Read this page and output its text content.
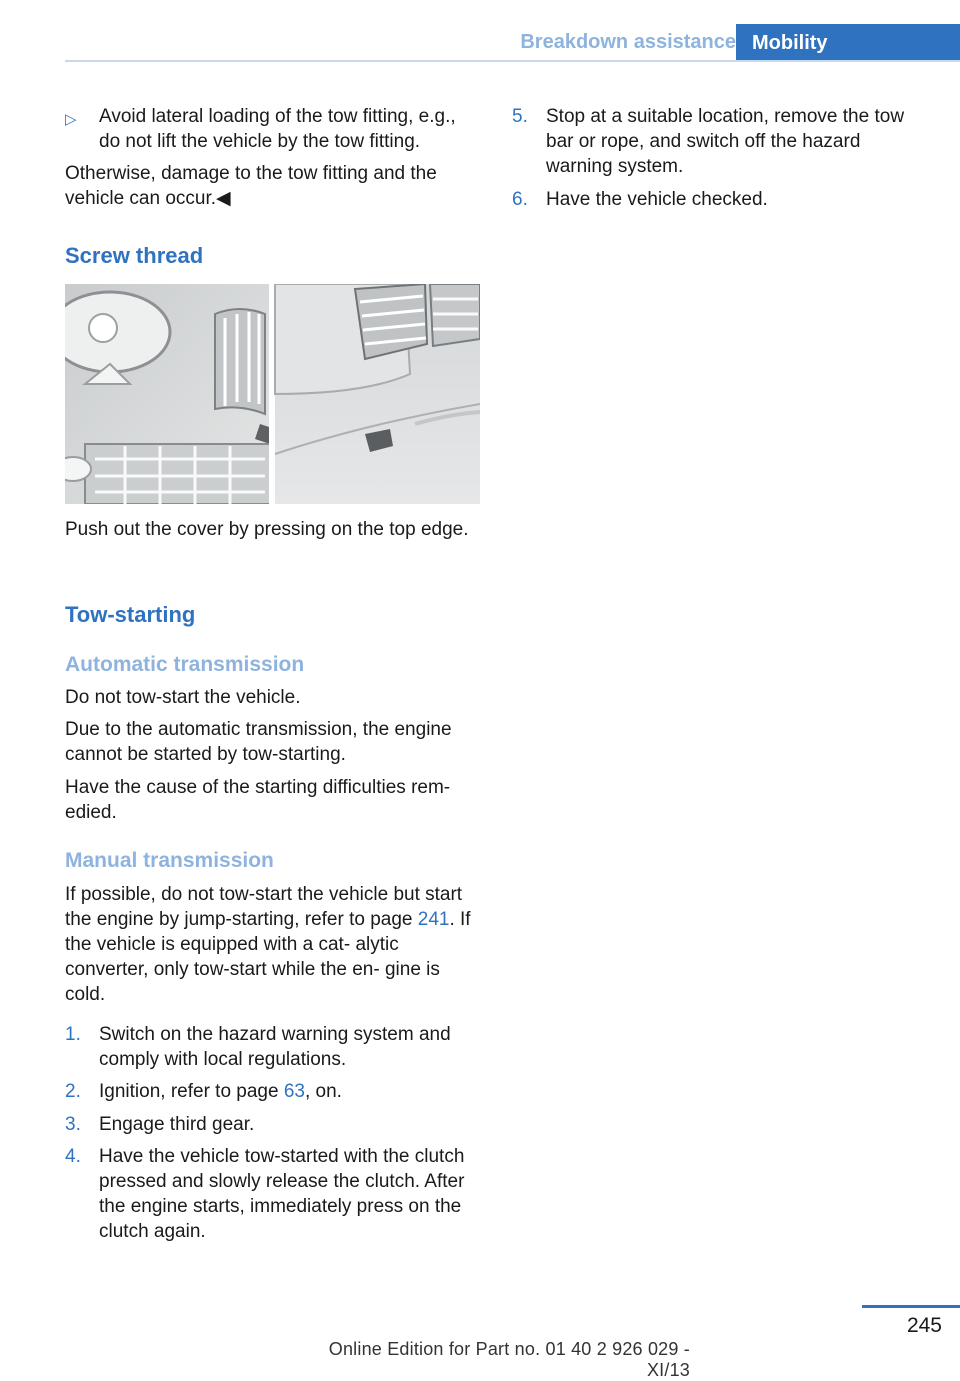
Breakdown assistance Mobility
▷ Avoid lateral loading of the tow fitting, e.g., do not lift the vehicle by the tow fitting.
Otherwise, damage to the tow fitting and the vehicle can occur.◀
Screw thread
Push out the cover by pressing on the top edge.
Tow-starting
Automatic transmission
Do not tow-start the vehicle.
Due to the automatic transmission, the engine cannot be started by tow-starting.
Have the cause of the starting difficulties rem‐ edied.
Manual transmission
If possible, do not tow-start the vehicle but start the engine by jump-starting, refer to page 241. If the vehicle is equipped with a cat‐ alytic converter, only tow-start while the en‐ gine is cold.
1. Switch on the hazard warning system and comply with local regulations.
2. Ignition, refer to page 63, on.
3. Engage third gear.
4. Have the vehicle tow-started with the clutch pressed and slowly release the clutch. After the engine starts, immediately press on the clutch again.
5. Stop at a suitable location, remove the tow bar or rope, and switch off the hazard warning system.
6. Have the vehicle checked.
245
Online Edition for Part no. 01 40 2 926 029 - XI/13
